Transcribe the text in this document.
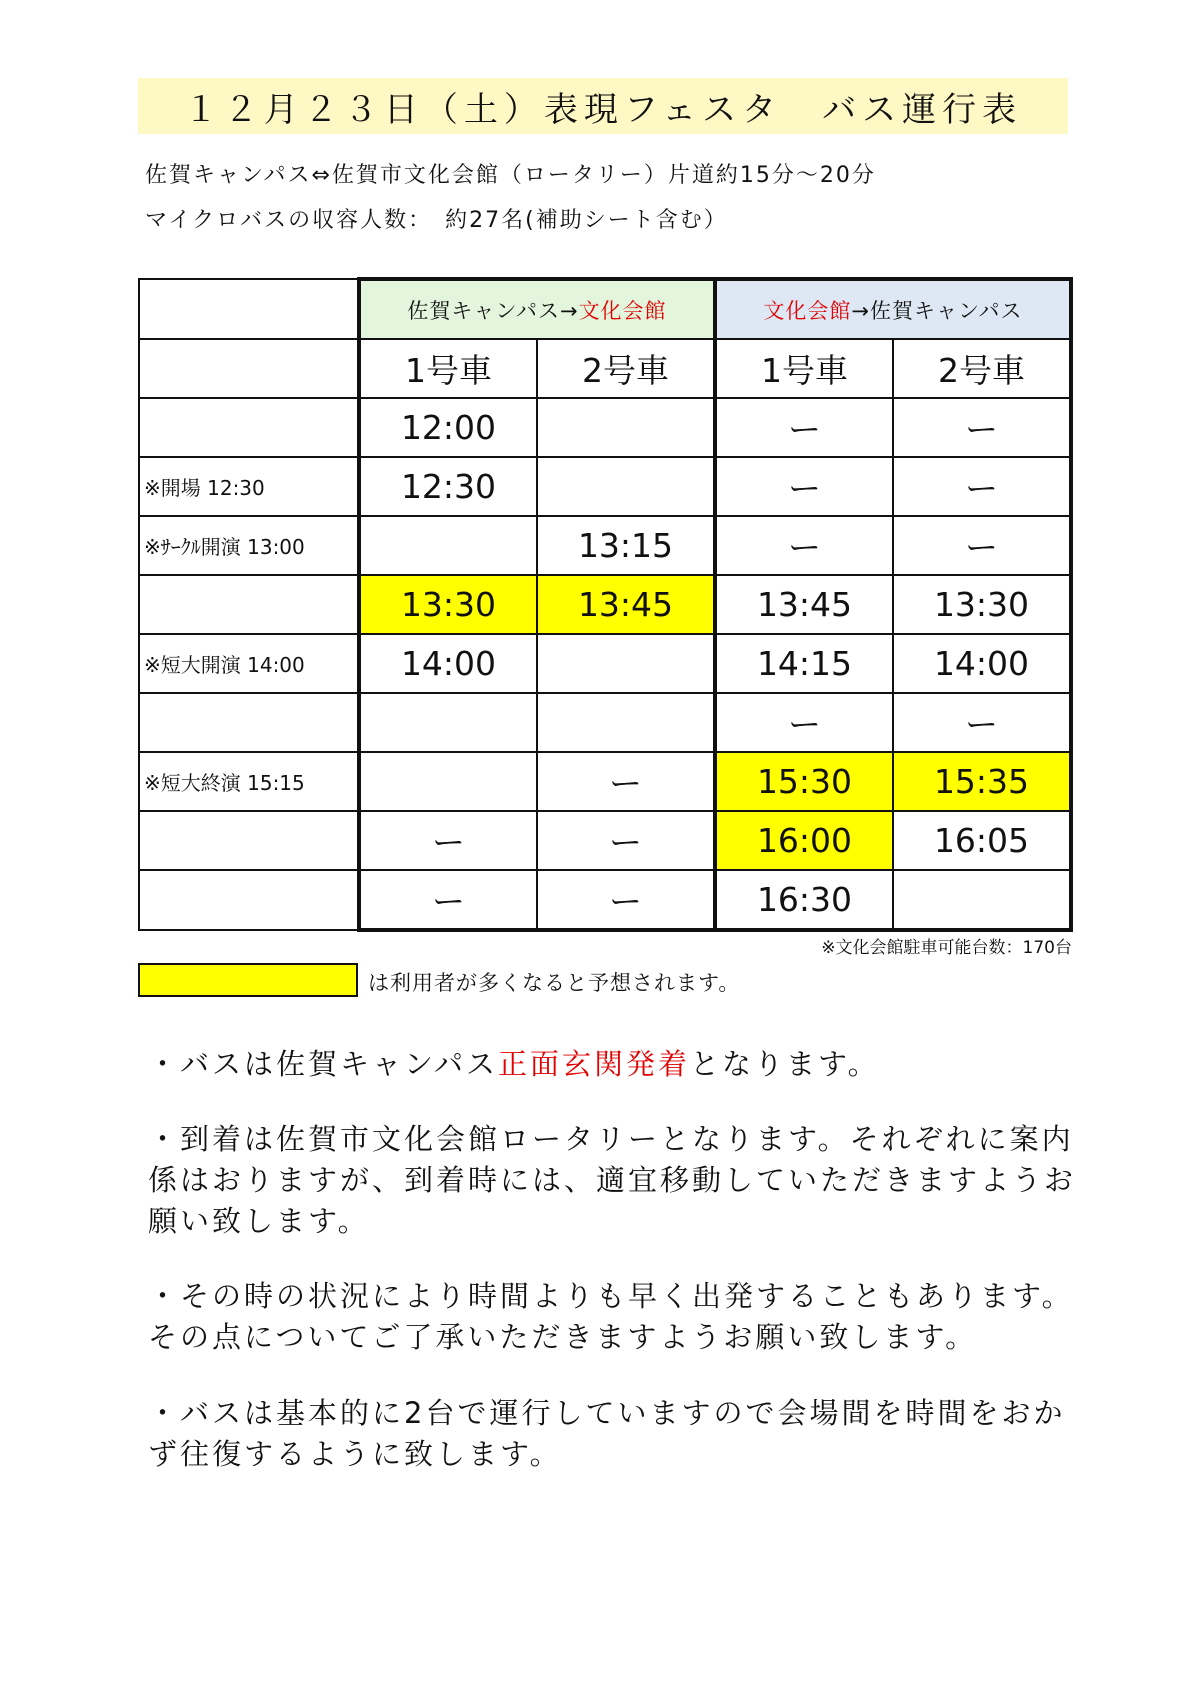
１２月２３日（土）表現フェスタ　バス運行表
佐賀キャンパス⇔佐賀市文化会館（ロータリー）片道約15分～20分
マイクロバスの収容人数：　約27名(補助シート含む）
	佐賀キャンパス→文化会館		文化会館→佐賀キャンパス	
	1号車	2号車	1号車	2号車
	12:00		ー	ー
※開場 12:30	12:30		ー	ー
※ｻｰｸﾙ開演 13:00		13:15	ー	ー
	13:30	13:45	13:45	13:30
※短大開演 14:00	14:00		14:15	14:00
			ー	ー
※短大終演 15:15		ー	15:30	15:35
	ー	ー	16:00	16:05
	ー	ー	16:30	
※文化会館駐車可能台数：170台
は利用者が多くなると予想されます。
・バスは佐賀キャンパス正面玄関発着となります。
・到着は佐賀市文化会館ロータリーとなります。それぞれに案内係はおりますが、到着時には、適宜移動していただきますようお願い致します。
・その時の状況により時間よりも早く出発することもあります。その点についてご了承いただきますようお願い致します。
・バスは基本的に2台で運行していますので会場間を時間をおかず往復するように致します。
